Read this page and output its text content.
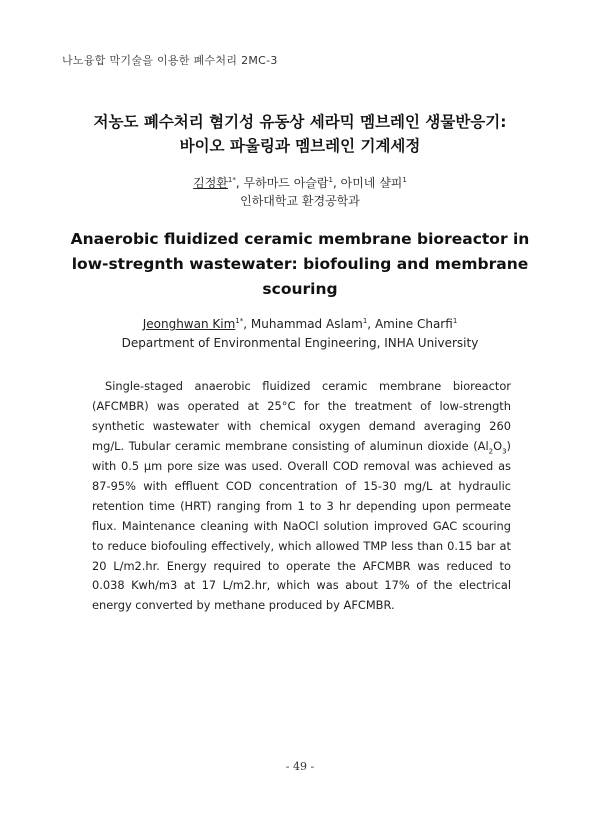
나노융합 막기술을 이용한 폐수처리 2MC-3
저농도 폐수처리 혐기성 유동상 세라믹 멤브레인 생물반응기:
바이오 파울링과 멤브레인 기계세정
김정환$^{1*}$, 무하마드 아슬람$^1$, 아미네 샬피$^1$
인하대학교 환경공학과
Anaerobic fluidized ceramic membrane bioreactor in
low-stregnth wastewater: biofouling and membrane
scouring
Jeonghwan Kim$^{1*}$, Muhammad Aslam$^1$, Amine Charfi$^1$
Department of Environmental Engineering, INHA University

Single-staged anaerobic fluidized ceramic membrane bioreactor (AFCMBR) was operated at 25°C for the treatment of low-strength synthetic wastewater with chemical oxygen demand averaging 260 mg/L. Tubular ceramic membrane consisting of aluminun dioxide $(Al_2O_3)$ with 0.5 μm pore size was used. Overall COD removal was achieved as 87-95% with effluent COD concentration of 15-30 mg/L at hydraulic retention time (HRT) ranging from 1 to 3 hr depending upon permeate flux. Maintenance cleaning with NaOCl solution improved GAC scouring to reduce biofouling effectively, which allowed TMP less than 0.15 bar at 20 L/m2.hr. Energy required to operate the AFCMBR was reduced to 0.038 Kwh/m3 at 17 L/m2.hr, which was about 17% of the electrical energy converted by methane produced by AFCMBR.

- 49 -
